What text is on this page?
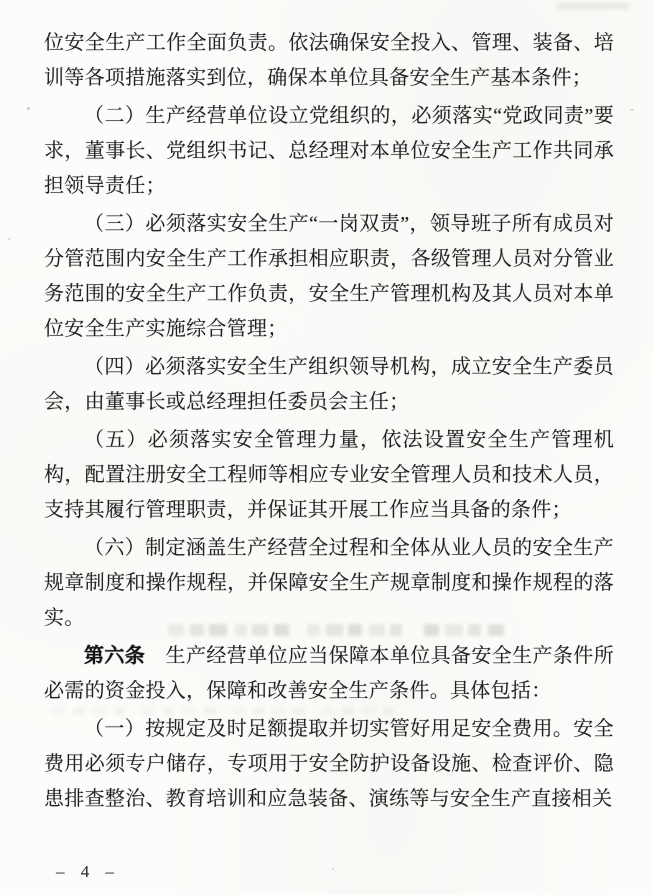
位安全生产工作全面负责。依法确保安全投入、管理、装备、培训等各项措施落实到位，确保本单位具备安全生产基本条件；

（二）生产经营单位设立党组织的，必须落实“党政同责”要求，董事长、党组织书记、总经理对本单位安全生产工作共同承担领导责任；

（三）必须落实安全生产“一岗双责”，领导班子所有成员对分管范围内安全生产工作承担相应职责，各级管理人员对分管业务范围的安全生产工作负责，安全生产管理机构及其人员对本单位安全生产实施综合管理；

（四）必须落实安全生产组织领导机构，成立安全生产委员会，由董事长或总经理担任委员会主任；

（五）必须落实安全管理力量，依法设置安全生产管理机构，配置注册安全工程师等相应专业安全管理人员和技术人员，支持其履行管理职责，并保证其开展工作应当具备的条件；

（六）制定涵盖生产经营全过程和全体从业人员的安全生产规章制度和操作规程，并保障安全生产规章制度和操作规程的落实。

第六条　生产经营单位应当保障本单位具备安全生产条件所必需的资金投入，保障和改善安全生产条件。具体包括：

（一）按规定及时足额提取并切实管好用足安全费用。安全费用必须专户储存，专项用于安全防护设备设施、检查评价、隐患排查整治、教育培训和应急装备、演练等与安全生产直接相关

– 4 –
